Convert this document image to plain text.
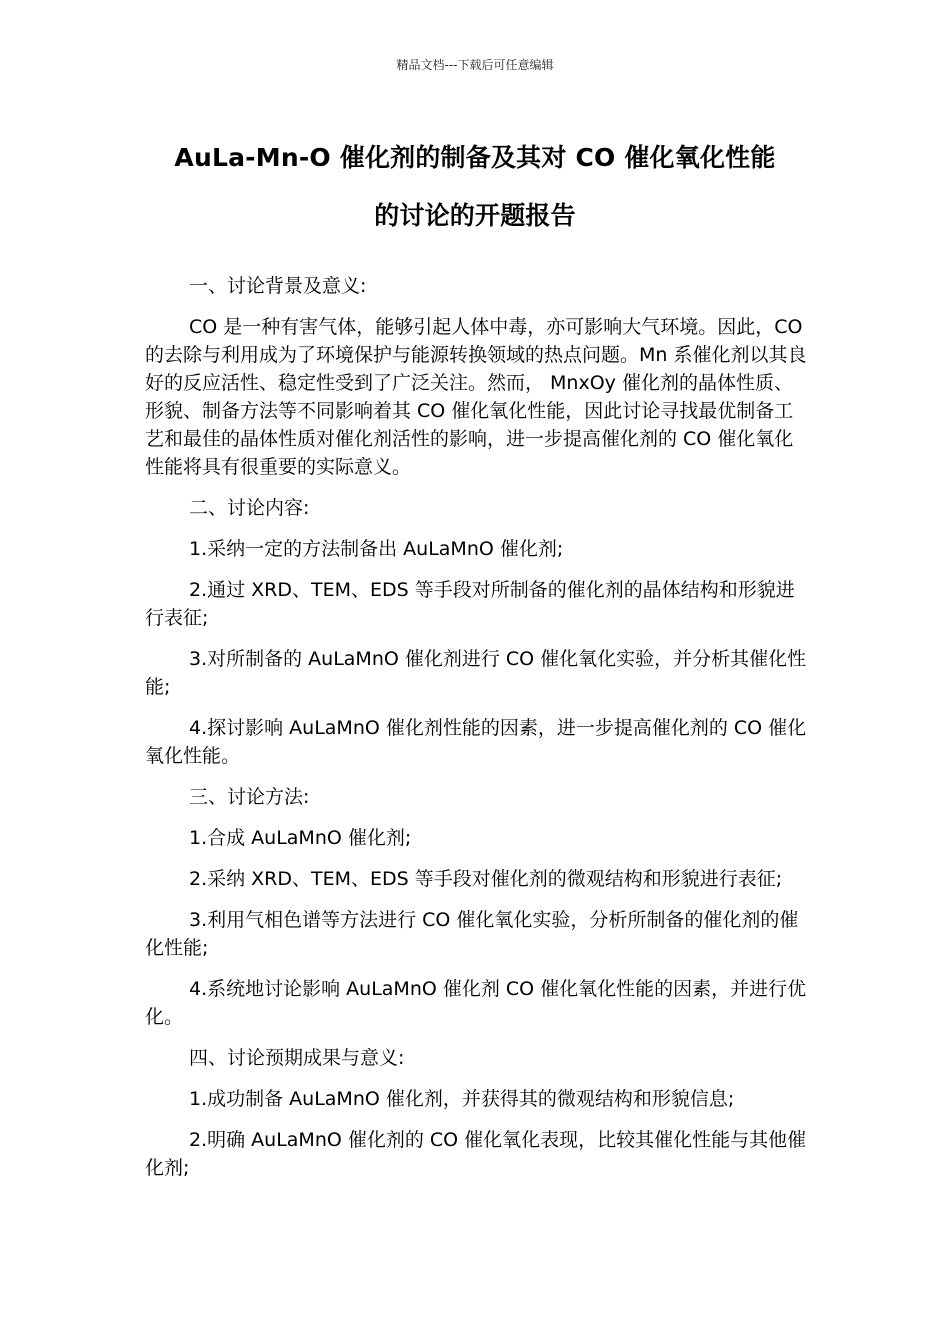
精品文档---下载后可任意编辑
AuLa-Mn-O 催化剂的制备及其对 CO 催化氧化性能
的讨论的开题报告

一、讨论背景及意义:

CO 是一种有害气体，能够引起人体中毒，亦可影响大气环境。因此，CO 的去除与利用成为了环境保护与能源转换领域的热点问题。Mn 系催化剂以其良好的反应活性、稳定性受到了广泛关注。然而， MnxOy 催化剂的晶体性质、形貌、制备方法等不同影响着其 CO 催化氧化性能，因此讨论寻找最优制备工艺和最佳的晶体性质对催化剂活性的影响，进一步提高催化剂的 CO 催化氧化性能将具有很重要的实际意义。

二、讨论内容:

1.采纳一定的方法制备出 AuLaMnO 催化剂;

2.通过 XRD、TEM、EDS 等手段对所制备的催化剂的晶体结构和形貌进行表征;

3.对所制备的 AuLaMnO 催化剂进行 CO 催化氧化实验，并分析其催化性能;

4.探讨影响 AuLaMnO 催化剂性能的因素，进一步提高催化剂的 CO 催化氧化性能。

三、讨论方法:

1.合成 AuLaMnO 催化剂;

2.采纳 XRD、TEM、EDS 等手段对催化剂的微观结构和形貌进行表征;

3.利用气相色谱等方法进行 CO 催化氧化实验，分析所制备的催化剂的催化性能;

4.系统地讨论影响 AuLaMnO 催化剂 CO 催化氧化性能的因素，并进行优化。

四、讨论预期成果与意义:

1.成功制备 AuLaMnO 催化剂，并获得其的微观结构和形貌信息;

2.明确 AuLaMnO 催化剂的 CO 催化氧化表现，比较其催化性能与其他催化剂;
